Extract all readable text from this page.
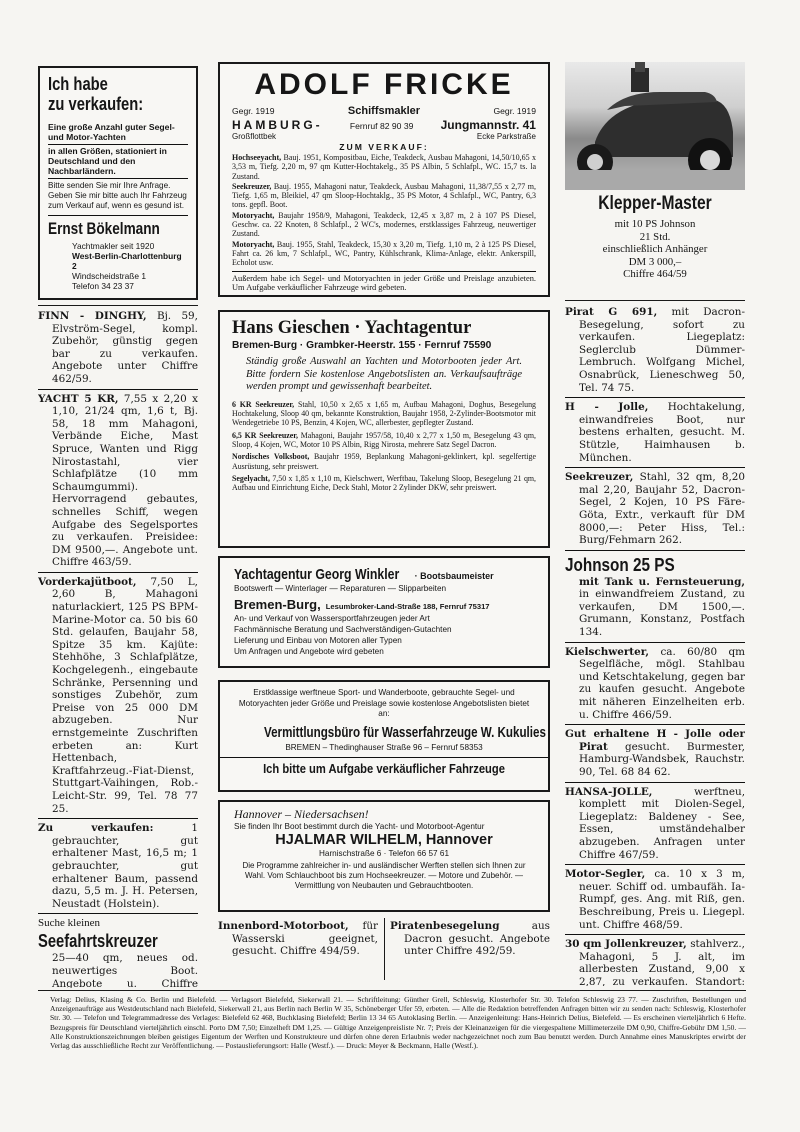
Ich habe
zu verkaufen:
Eine große Anzahl guter Segel- und Motor-Yachten
in allen Größen, stationiert in Deutschland und den Nachbarländern.
Bitte senden Sie mir Ihre Anfrage. Geben Sie mir bitte auch Ihr Fahrzeug zum Verkauf auf, wenn es gesund ist.
Ernst Bökelmann
Yachtmakler seit 1920
West-Berlin-Charlottenburg 2
Windscheidstraße 1
Telefon 34 23 37
ADOLF FRICKE
Gegr. 1919	Schiffsmakler	Gegr. 1919
HAMBURG-	Fernruf 82 90 39 Jungmannstr. 41
Großflottbek	Ecke Parkstraße
ZUM VERKAUF:

Hochseeyacht, Bauj. 1951, Kompositbau, Eiche, Teakdeck, Ausbau Mahagoni, 14,50/10,65 x 3,53 m, Tiefg. 2,20 m, 97 qm Kutter-Hochtakelg., 35 PS Albin, 5 Schlafpl., WC. 15,7 ts. la Zustand.

Seekreuzer, Bauj. 1955, Mahagoni natur, Teakdeck, Ausbau Mahagoni, 11,38/7,55 x 2,77 m, Tiefg. 1,65 m, Bleikiel, 47 qm Sloop-Hochtaklg., 35 PS Motor, 4 Schlafpl., WC, Pantry, 6,3 tons. gepfl. Boot.

Motoryacht, Baujahr 1958/9, Mahagoni, Teakdeck, 12,45 x 3,87 m, 2 à 107 PS Diesel, Geschw. ca. 22 Knoten, 8 Schlafpl., 2 WC's, modernes, erstklassiges Fahrzeug, neuwertiger Zustand.

Motoryacht, Bauj. 1955, Stahl, Teakdeck, 15,30 x 3,20 m, Tiefg. 1,10 m, 2 à 125 PS Diesel, Fahrt ca. 26 km, 7 Schlafpl., WC, Pantry, Kühlschrank, Klima-Anlage, elektr. Ankerspill, Echolot usw.

Außerdem habe ich Segel- und Motoryachten in jeder Größe und Preislage anzubieten. Um Aufgabe verkäuflicher Fahrzeuge wird gebeten.
Klepper-Master
mit 10 PS Johnson
21 Std.
einschließlich Anhänger
DM 3 000,–
Chiffre 464/59

FINN - DINGHY, Bj. 59, Elvström-Segel, kompl. Zubehör, günstig gegen bar zu verkaufen. Angebote unter Chiffre 462/59.

YACHT 5 KR, 7,55 x 2,20 x 1,10, 21/24 qm, 1,6 t, Bj. 58, 18 mm Mahagoni, Verbände Eiche, Mast Spruce, Wanten und Rigg Nirostastahl, vier Schlafplätze (10 mm Schaumgummi). Hervorragend gebautes, schnelles Schiff, wegen Aufgabe des Segelsportes zu verkaufen. Preisidee: DM 9500,—. Angebote unt. Chiffre 463/59.

Vorderkajütboot, 7,50 L, 2,60 B, Mahagoni naturlackiert, 125 PS BPM-Marine-Motor ca. 50 bis 60 Std. gelaufen, Baujahr 58, Spitze 35 km. Kajüte: Stehhöhe, 3 Schlafplätze, Kochgelegenh., eingebaute Schränke, Persenning und sonstiges Zubehör, zum Preise von 25 000 DM abzugeben. Nur ernstgemeinte Zuschriften erbeten an: Kurt Hettenbach, Kraftfahrzeug.-Fiat-Dienst, Stuttgart-Vaihingen, Rob.-Leicht-Str. 99, Tel. 78 77 25.

Zu verkaufen:	1 gebrauchter, gut erhaltener Mast, 16,5 m; 1 gebrauchter, gut erhaltener Baum, passend dazu, 5,5 m. J. H. Petersen, Neustadt (Holstein).

Suche kleinen
Seefahrtskreuzer

25—40 qm, neues od. neuwertiges Boot. Angebote u. Chiffre

Hans Gieschen · Yachtagentur
Bremen-Burg · Grambker-Heerstr. 155 · Fernruf 75590
Ständig große Auswahl an Yachten und Motorbooten jeder Art. Bitte fordern Sie kostenlose Angebotslisten an. Verkaufsaufträge werden prompt und gewissenhaft bearbeitet.

6 KR Seekreuzer, Stahl, 10,50 x 2,65 x 1,65 m, Aufbau Mahagoni, Doghus, Besegelung Hochtakelung, Sloop 40 qm, bekannte Konstruktion, Baujahr 1958, 2-Zylinder-Bootsmotor mit Wendegetriebe 10 PS, Benzin, 4 Kojen, WC, allerbester, gepflegter Zustand.

6,5 KR Seekreuzer, Mahagoni, Baujahr 1957/58, 10,40 x 2,77 x 1,50 m, Besegelung 43 qm, Sloop, 4 Kojen, WC, Motor 10 PS Albin, Rigg Nirosta, mehrere Satz Segel Dacron.

Nordisches Volksboot, Baujahr 1959, Beplankung Mahagoni-geklinkert, kpl. segelfertige Ausrüstung, sehr preiswert.

Segelyacht, 7,50 x 1,85 x 1,10 m, Kielschwert, Werftbau, Takelung Sloop, Besegelung 21 qm, Aufbau und Einrichtung Eiche, Deck Stahl, Motor 2 Zylinder DKW, sehr preiswert.

Yachtagentur Georg Winkler · Bootsbaumeister
Bootswerft — Winterlager — Reparaturen — Slipparbeiten
Bremen-Burg, Lesumbroker-Land-Straße 188, Fernruf 75317
An- und Verkauf von Wassersportfahrzeugen jeder Art
Fachmännische Beratung und Sachverständigen-Gutachten
Lieferung und Einbau von Motoren aller Typen
Um Anfragen und Angebote wird gebeten
Erstklassige werftneue Sport- und Wanderboote, gebrauchte Segel- und Motoryachten jeder Größe und Preislage sowie kostenlose Angebotslisten bietet an:
Vermittlungsbüro für Wasserfahrzeuge W. Kukulies
BREMEN – Thedinghauser Straße 96 – Fernruf 58353
Ich bitte um Aufgabe verkäuflicher Fahrzeuge
Hannover – Niedersachsen!
Sie finden Ihr Boot bestimmt durch die Yacht- und Motorboot-Agentur
HJALMAR WILHELM, Hannover
Harnischstraße 6 · Telefon 66 57 61
Die Programme zahlreicher in- und ausländischer Werften stellen sich Ihnen zur Wahl. Vom Schlauchboot bis zum Hochseekreuzer. — Motore und Zubehör. — Vermittlung von Neubauten und Gebrauchtbooten.

Innenbord-Motorboot, für Wasserski geeignet, gesucht. Chiffre 494/59.

Piratenbesegelung	aus Dacron gesucht. Angebote unter Chiffre 492/59.

Pirat G 691, mit Dacron-Besegelung, sofort zu verkaufen. Liegeplatz: Seglerclub Dümmer-Lembruch. Wolfgang Michel, Osnabrück, Lieneschweg 50, Tel. 74 75.

H - Jolle, Hochtakelung, einwandfreies Boot, nur bestens erhalten, gesucht. M. Stützle, Haimhausen b. München.

Seekreuzer, Stahl, 32 qm, 8,20 mal 2,20, Baujahr 52, Dacron-Segel, 2 Kojen, 10 PS Färe-Göta, Extr., verkauft für DM 8000,—: Peter Hiss, Tel.: Burg/Fehmarn 262.

Johnson 25 PS

mit Tank u. Fernsteuerung, in einwandfreiem Zustand, zu verkaufen, DM 1500,—. Grumann, Konstanz, Postfach 134.

Kielschwerter, ca. 60/80 qm Segelfläche, mögl. Stahlbau und Ketschtakelung, gegen bar zu kaufen gesucht. Angebote mit näheren Einzelheiten erb. u. Chiffre 466/59.

Gut erhaltene H - Jolle oder Pirat gesucht. Burmester, Hamburg-Wandsbek, Rauchstr. 90, Tel. 68 84 62.

HANSA-JOLLE,	werftneu, komplett mit Diolen-Segel, Liegeplatz: Baldeney - See, Essen, umständehalber abzugeben. Anfragen unter Chiffre 467/59.

Motor-Segler, ca. 10 x 3 m, neuer. Schiff od. umbaufäh. Ia-Rumpf, ges. Ang. mit Riß, gen. Beschreibung, Preis u. Liegepl. unt. Chiffre 468/59.

30 qm Jollenkreuzer, stahlverz., Mahagoni, 5 J. alt, im allerbesten Zustand, 9,00 x 2,87, zu verkaufen. Standort:

Verlag: Delius, Klasing & Co. Berlin und Bielefeld. — Verlagsort Bielefeld, Siekerwall 21. — Schriftleitung: Günther Grell, Schleswig, Klosterhofer Str. 30. Telefon Schleswig 23 77. — Zuschriften, Bestellungen und Anzeigenaufträge aus Westdeutschland nach Bielefeld, Siekerwall 21, aus Berlin nach Berlin W 35, Schöneberger Ufer 59, erbeten. — Alle die Redaktion betreffenden Anfragen bitten wir zu senden nach: Schleswig, Klosterhofer Str. 30. — Telefon und Telegrammadresse des Verlages: Bielefeld 62 468, Buchklasing Bielefeld; Berlin 13 34 65 Autoklasing Berlin. — Anzeigenleitung: Hans-Heinrich Delius, Bielefeld. — Es erscheinen vierteljährlich 6 Hefte. Bezugspreis für Deutschland vierteljährlich einschl. Porto DM 7,50; Einzelheft DM 1,25. — Gültige Anzeigenpreisliste Nr. 7; Preis der Kleinanzeigen für die viergespaltene Millimeterzeile DM 0,90, Chiffre-Gebühr DM 1,50. — Alle Konstruktionszeichnungen bleiben geistiges Eigentum der Werften und Konstrukteure und dürfen ohne deren Erlaubnis weder nachgezeichnet noch zum Bau benutzt werden. Durch Annahme eines Manuskriptes erwirbt der Verlag das ausschließliche Recht zur Veröffentlichung. — Postauslieferungsort: Halle (Westf.). — Druck: Meyer & Beckmann, Halle (Westf.).
